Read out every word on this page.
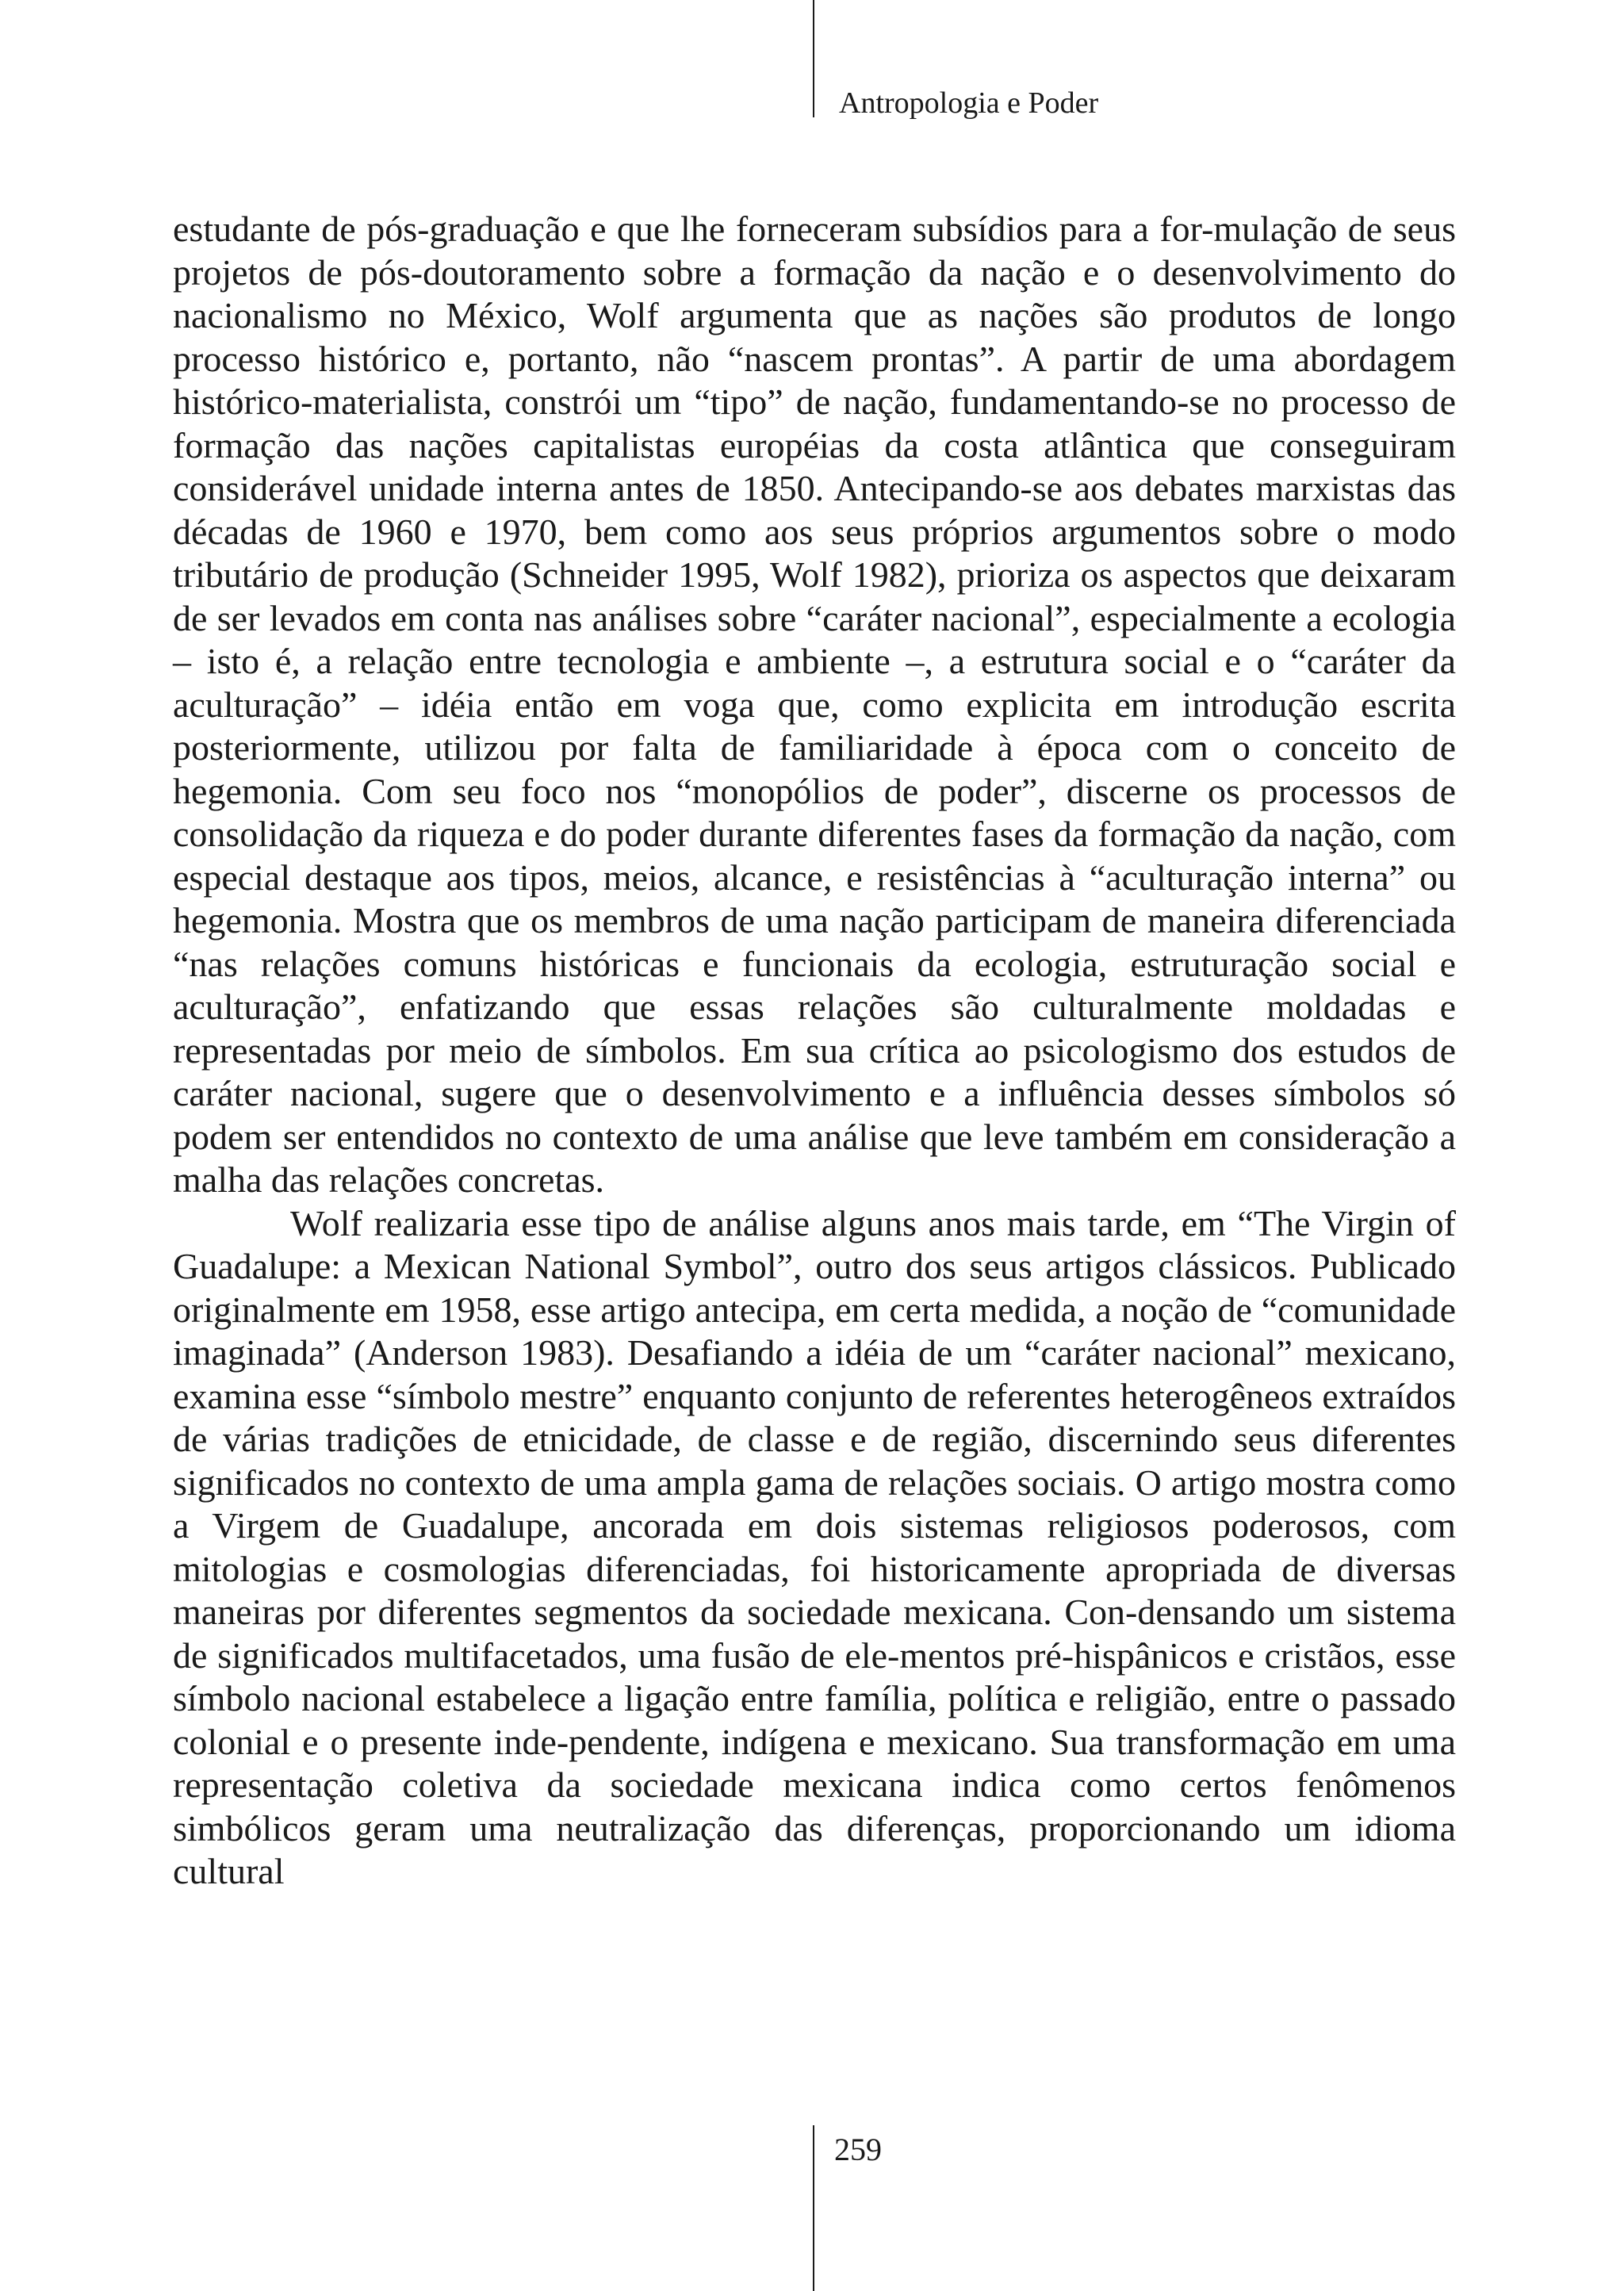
Antropologia e Poder

estudante de pós-graduação e que lhe forneceram subsídios para a for-mulação de seus projetos de pós-doutoramento sobre a formação da nação e o desenvolvimento do nacionalismo no México, Wolf argumenta que as nações são produtos de longo processo histórico e, portanto, não “nascem prontas”. A partir de uma abordagem histórico-materialista, constrói um “tipo” de nação, fundamentando-se no processo de formação das nações capitalistas européias da costa atlântica que conseguiram considerável unidade interna antes de 1850. Antecipando-se aos debates marxistas das décadas de 1960 e 1970, bem como aos seus próprios argumentos sobre o modo tributário de produção (Schneider 1995, Wolf 1982), prioriza os aspectos que deixaram de ser levados em conta nas análises sobre “caráter nacional”, especialmente a ecologia – isto é, a relação entre tecnologia e ambiente –, a estrutura social e o “caráter da aculturação” – idéia então em voga que, como explicita em introdução escrita posteriormente, utilizou por falta de familiaridade à época com o conceito de hegemonia. Com seu foco nos “monopólios de poder”, discerne os processos de consolidação da riqueza e do poder durante diferentes fases da formação da nação, com especial destaque aos tipos, meios, alcance, e resistências à “aculturação interna” ou hegemonia. Mostra que os membros de uma nação participam de maneira diferenciada “nas relações comuns históricas e funcionais da ecologia, estruturação social e aculturação”, enfatizando que essas relações são culturalmente moldadas e representadas por meio de símbolos. Em sua crítica ao psicologismo dos estudos de caráter nacional, sugere que o desenvolvimento e a influência desses símbolos só podem ser entendidos no contexto de uma análise que leve também em consideração a malha das relações concretas.

Wolf realizaria esse tipo de análise alguns anos mais tarde, em “The Virgin of Guadalupe: a Mexican National Symbol”, outro dos seus artigos clássicos. Publicado originalmente em 1958, esse artigo antecipa, em certa medida, a noção de “comunidade imaginada” (Anderson 1983). Desafiando a idéia de um “caráter nacional” mexicano, examina esse “símbolo mestre” enquanto conjunto de referentes heterogêneos extraídos de várias tradições de etnicidade, de classe e de região, discernindo seus diferentes significados no contexto de uma ampla gama de relações sociais. O artigo mostra como a Virgem de Guadalupe, ancorada em dois sistemas religiosos poderosos, com mitologias e cosmologias diferenciadas, foi historicamente apropriada de diversas maneiras por diferentes segmentos da sociedade mexicana. Con-densando um sistema de significados multifacetados, uma fusão de ele-mentos pré-hispânicos e cristãos, esse símbolo nacional estabelece a ligação entre família, política e religião, entre o passado colonial e o presente inde-pendente, indígena e mexicano. Sua transformação em uma representação coletiva da sociedade mexicana indica como certos fenômenos simbólicos geram uma neutralização das diferenças, proporcionando um idioma cultural

259
